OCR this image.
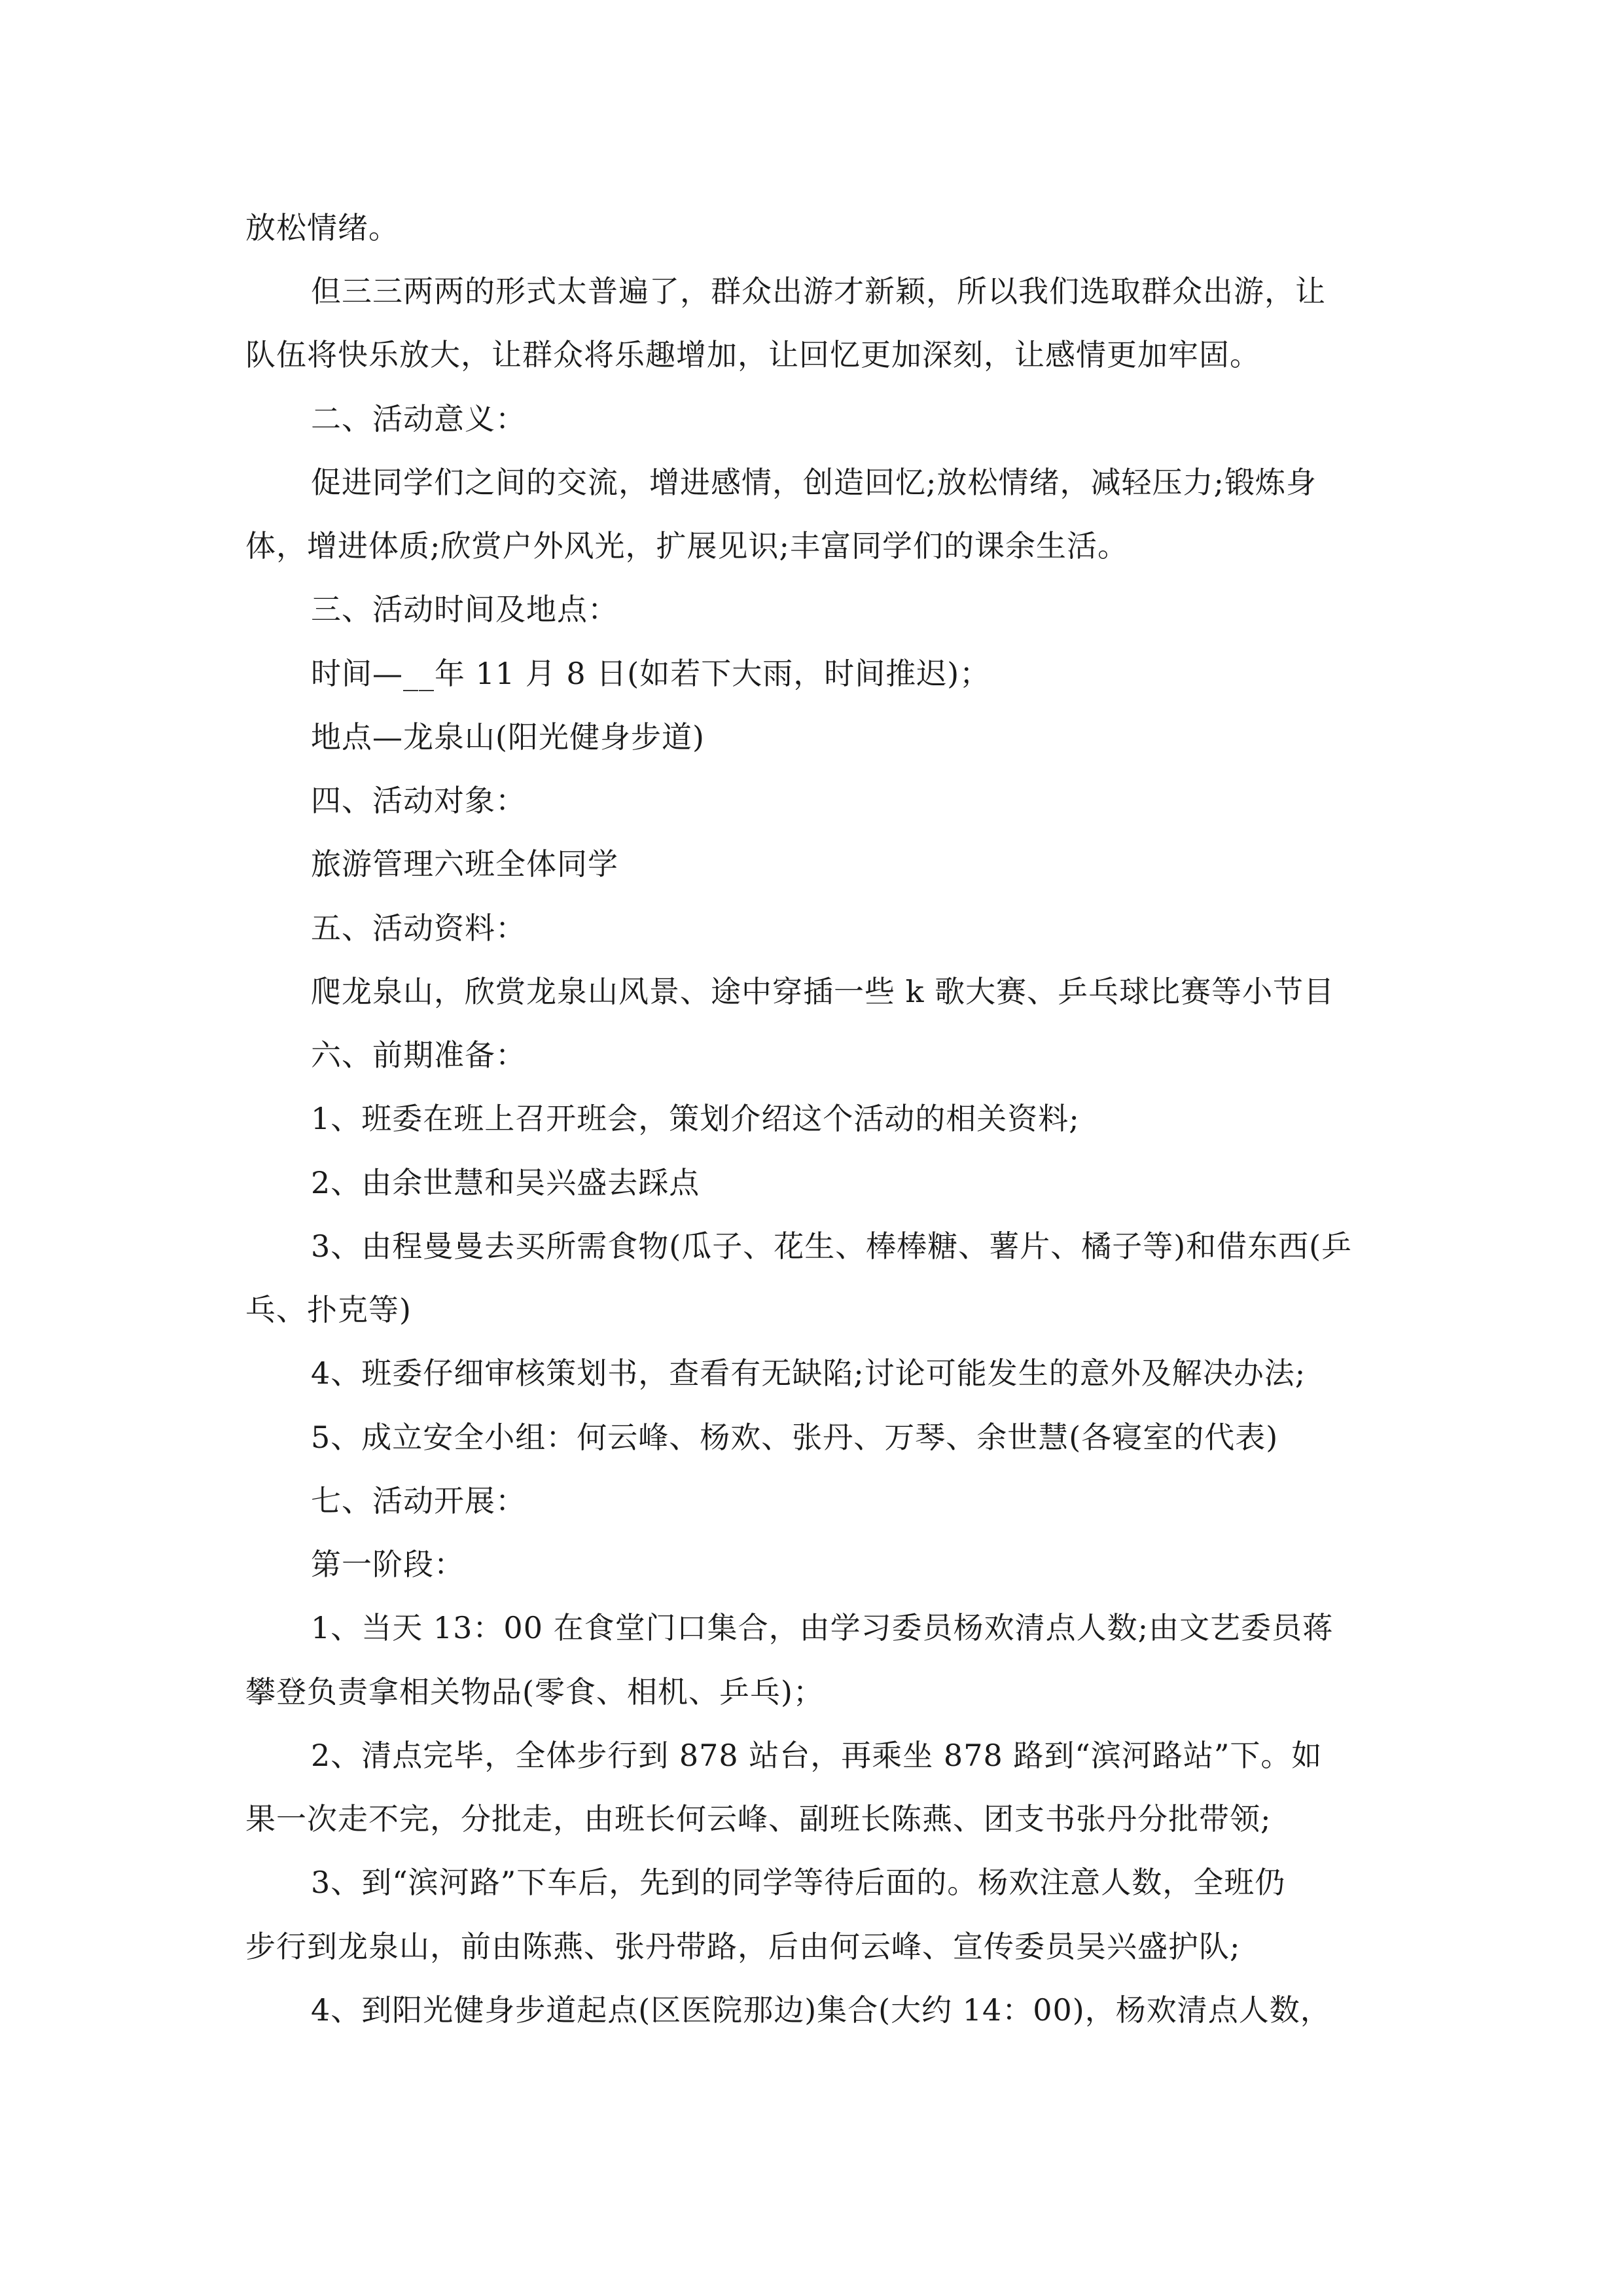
放松情绪。
但三三两两的形式太普遍了，群众出游才新颖，所以我们选取群众出游，让
队伍将快乐放大，让群众将乐趣增加，让回忆更加深刻，让感情更加牢固。
二、活动意义：
促进同学们之间的交流，增进感情，创造回忆;放松情绪，减轻压力;锻炼身
体，增进体质;欣赏户外风光，扩展见识;丰富同学们的课余生活。
三、活动时间及地点：
时间—__年 11 月 8 日(如若下大雨，时间推迟)；
地点—龙泉山(阳光健身步道)
四、活动对象：
旅游管理六班全体同学
五、活动资料：
爬龙泉山，欣赏龙泉山风景、途中穿插一些 k 歌大赛、乒乓球比赛等小节目
六、前期准备：
1、班委在班上召开班会，策划介绍这个活动的相关资料;
2、由余世慧和吴兴盛去踩点
3、由程曼曼去买所需食物(瓜子、花生、棒棒糖、薯片、橘子等)和借东西(乒
乓、扑克等)
4、班委仔细审核策划书，查看有无缺陷;讨论可能发生的意外及解决办法;
5、成立安全小组：何云峰、杨欢、张丹、万琴、余世慧(各寝室的代表)
七、活动开展：
第一阶段：
1、当天 13：00 在食堂门口集合，由学习委员杨欢清点人数;由文艺委员蒋
攀登负责拿相关物品(零食、相机、乒乓)；
2、清点完毕，全体步行到 878 站台，再乘坐 878 路到“滨河路站”下。如
果一次走不完，分批走，由班长何云峰、副班长陈燕、团支书张丹分批带领;
3、到“滨河路”下车后，先到的同学等待后面的。杨欢注意人数，全班仍
步行到龙泉山，前由陈燕、张丹带路，后由何云峰、宣传委员吴兴盛护队;
4、到阳光健身步道起点(区医院那边)集合(大约 14：00)，杨欢清点人数，
